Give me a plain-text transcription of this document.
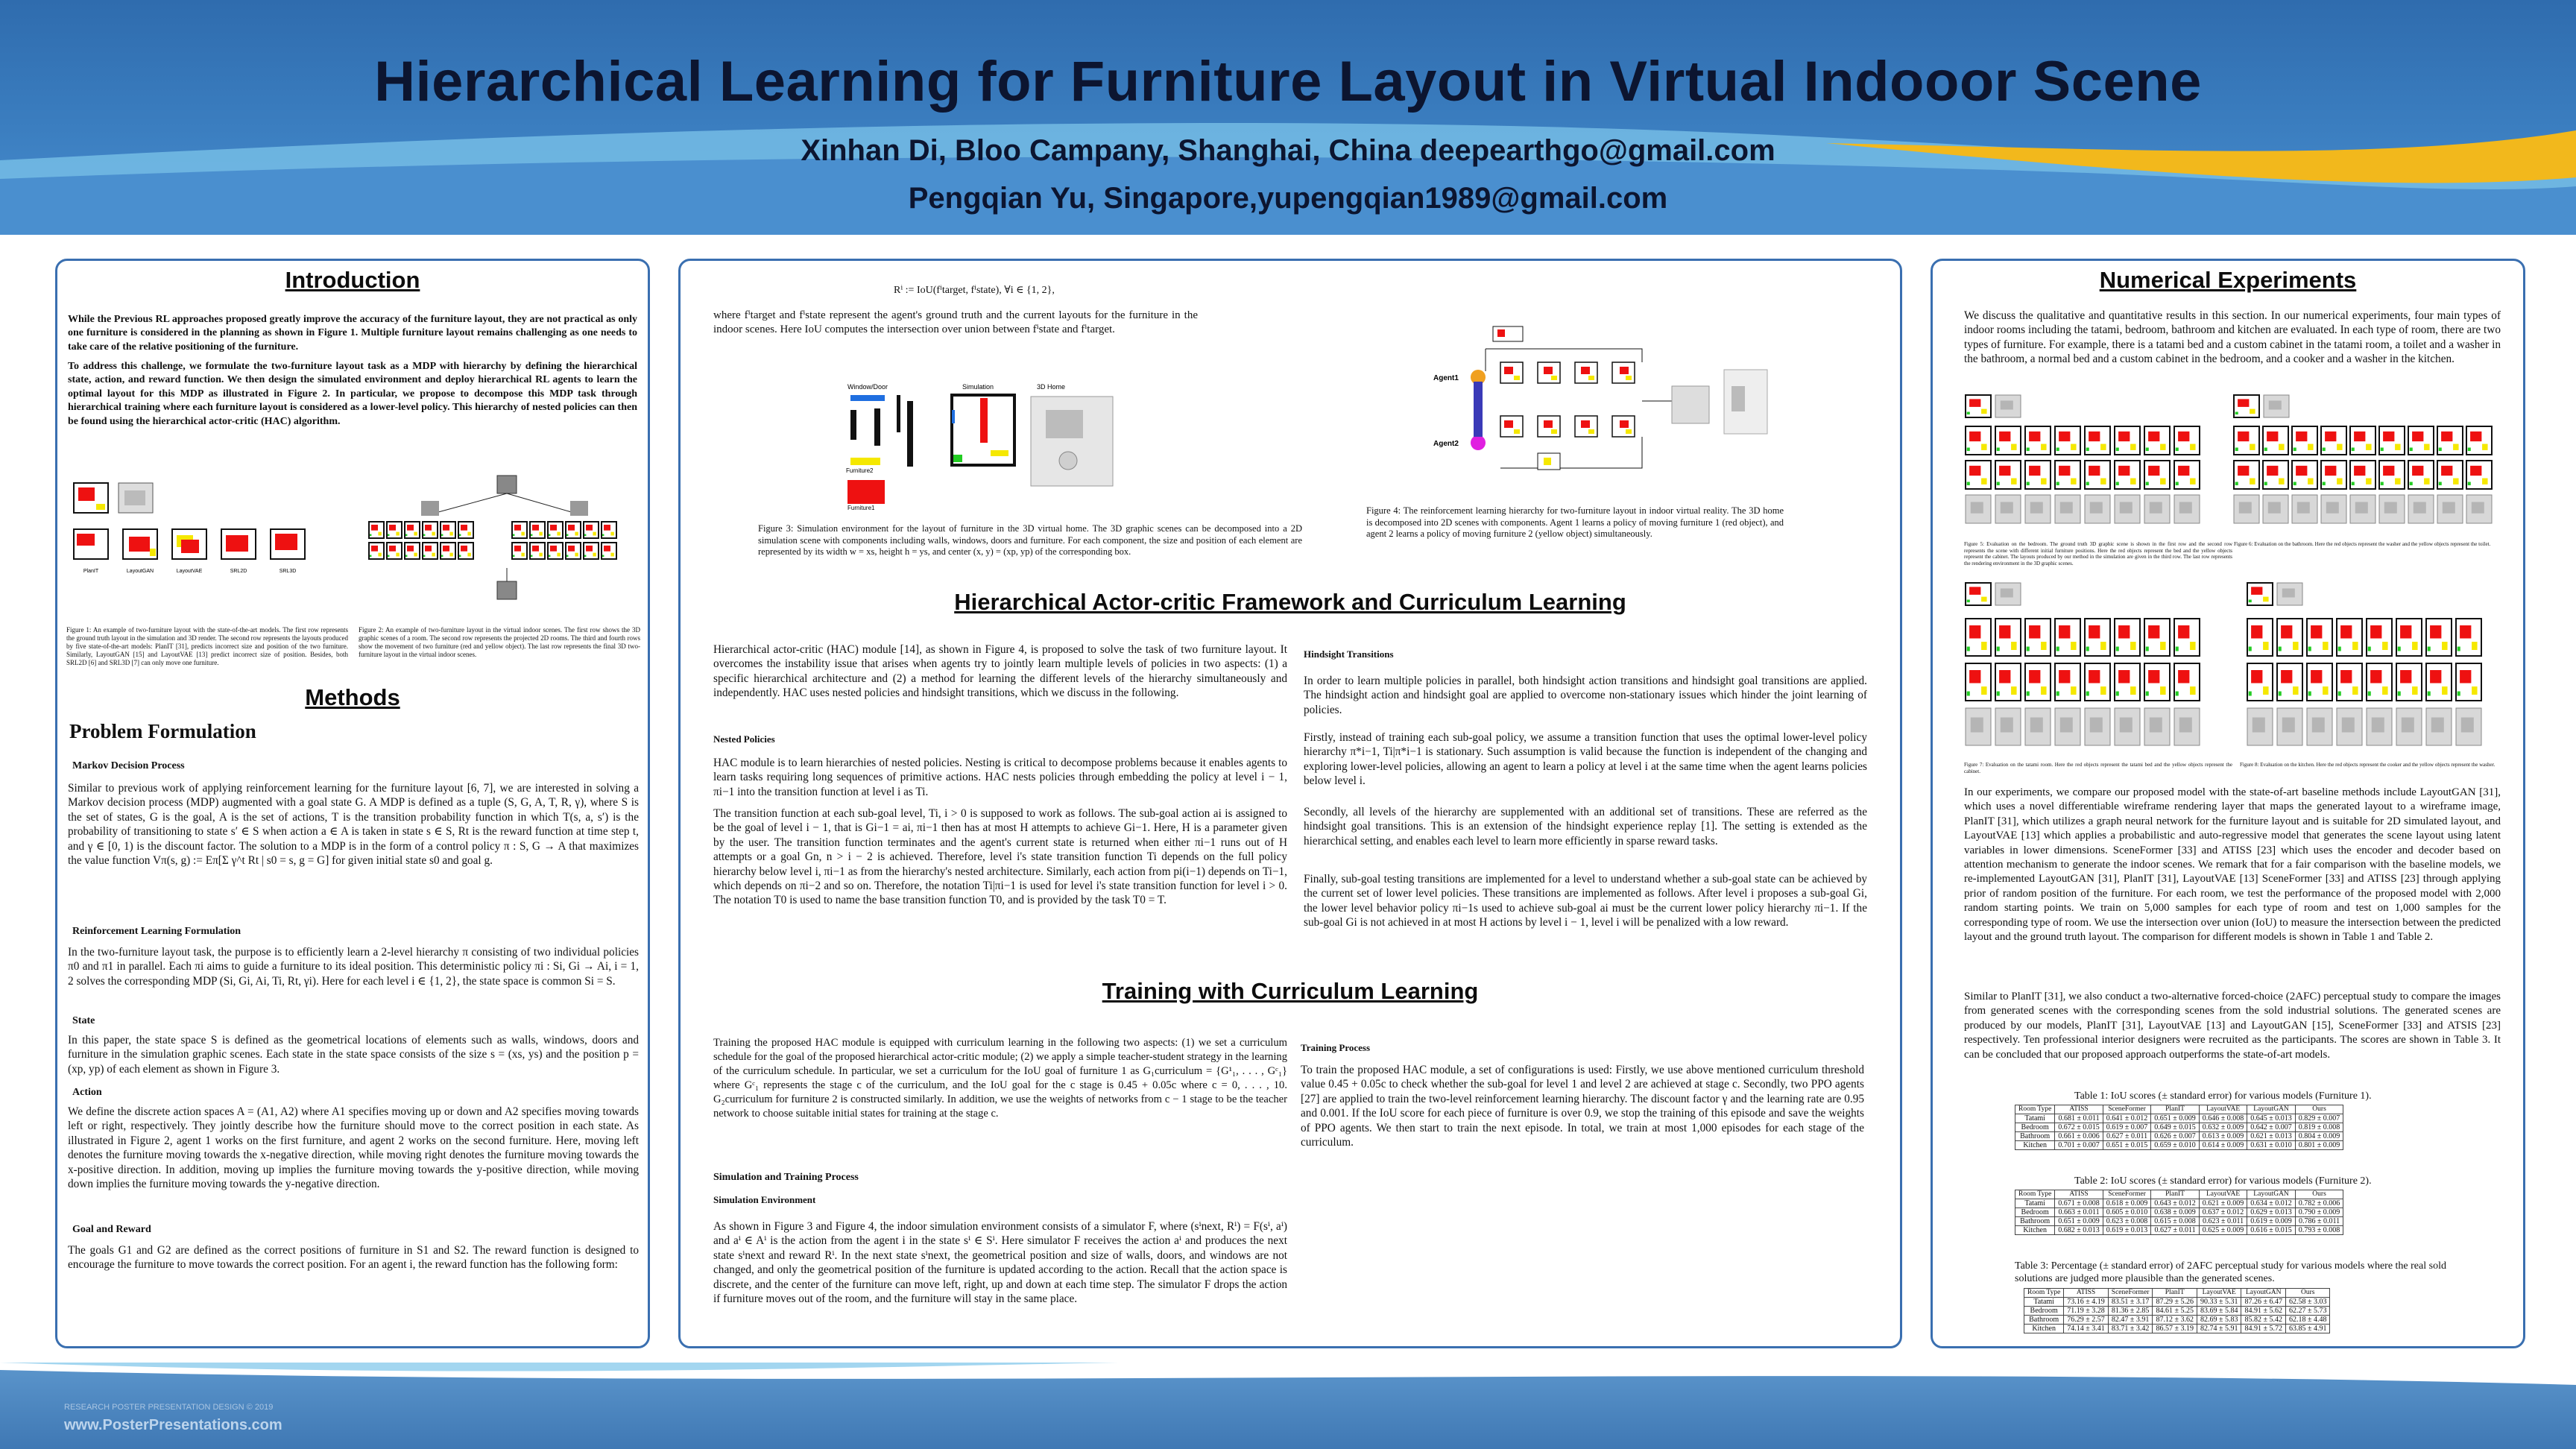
Hierarchical Learning for Furniture Layout in Virtual Indooor Scene
Xinhan Di, Bloo Campany, Shanghai, China deepearthgo@gmail.com
Pengqian Yu, Singapore,yupengqian1989@gmail.com
Introduction
While the Previous RL approaches proposed greatly improve the accuracy of the furniture layout, they are not practical as only one furniture is considered in the planning as shown in Figure 1. Multiple furniture layout remains challenging as one needs to take care of the relative positioning of the furniture.
To address this challenge, we formulate the two-furniture layout task as a MDP with hierarchy by defining the hierarchical state, action, and reward function. We then design the simulated environment and deploy hierarchical RL agents to learn the optimal layout for this MDP as illustrated in Figure 2. In particular, we propose to decompose this MDP task through hierarchical training where each furniture layout is considered as a lower-level policy. This hierarchy of nested policies can then be found using the hierarchical actor-critic (HAC) algorithm.
PlanIT	LayoutGAN	LayoutVAE	SRL2D	SRL3D
Figure 1: An example of two-furniture layout with the state-of-the-art models. The first row represents the ground truth layout in the simulation and 3D render. The second row represents the layouts produced by five state-of-the-art models: PlanIT [31], predicts incorrect size and position of the two furniture. Similarly, LayoutGAN [15] and LayoutVAE [13] predict incorrect size of position. Besides, both SRL2D [6] and SRL3D [7] can only move one furniture.
Figure 2: An example of two-furniture layout in the virtual indoor scenes. The first row shows the 3D graphic scenes of a room. The second row represents the projected 2D rooms. The third and fourth rows show the movement of two furniture (red and yellow object). The last row represents the final 3D two-furniture layout in the virtual indoor scenes.
Methods
Problem Formulation
Markov Decision Process
Similar to previous work of applying reinforcement learning for the furniture layout [6, 7], we are interested in solving a Markov decision process (MDP) augmented with a goal state G. A MDP is defined as a tuple (S, G, A, T, R, γ), where S is the set of states, G is the goal, A is the set of actions, T is the transition probability function in which T(s, a, s′) is the probability of transitioning to state s′ ∈ S when action a ∈ A is taken in state s ∈ S, Rt is the reward function at time step t, and γ ∈ [0, 1) is the discount factor. The solution to a MDP is in the form of a control policy π : S, G → A that maximizes the value function Vπ(s, g) := Eπ[Σ γ^t Rt | s0 = s, g = G] for given initial state s0 and goal g.
Reinforcement Learning Formulation
In the two-furniture layout task, the purpose is to efficiently learn a 2-level hierarchy π consisting of two individual policies π0 and π1 in parallel. Each πi aims to guide a furniture to its ideal position. This deterministic policy πi : Si, Gi → Ai, i = 1, 2 solves the corresponding MDP (Si, Gi, Ai, Ti, Rt, γi). Here for each level i ∈ {1, 2}, the state space is common Si = S.
State
In this paper, the state space S is defined as the geometrical locations of elements such as walls, windows, doors and furniture in the simulation graphic scenes. Each state in the state space consists of the size s = (xs, ys) and the position p = (xp, yp) of each element as shown in Figure 3.
Action
We define the discrete action spaces A = (A1, A2) where A1 specifies moving up or down and A2 specifies moving towards left or right, respectively. They jointly describe how the furniture should move to the correct position in each state. As illustrated in Figure 2, agent 1 works on the first furniture, and agent 2 works on the second furniture. Here, moving left denotes the furniture moving towards the x-negative direction, while moving right denotes the furniture moving towards the x-positive direction. In addition, moving up implies the furniture moving towards the y-positive direction, while moving down implies the furniture moving towards the y-negative direction.
Goal and Reward
The goals G1 and G2 are defined as the correct positions of furniture in S1 and S2. The reward function is designed to encourage the furniture to move towards the correct position. For an agent i, the reward function has the following form:
Rⁱ := IoU(fⁱtarget, fⁱstate), ∀i ∈ {1, 2},
where fⁱtarget and fⁱstate represent the agent's ground truth and the current layouts for the furniture in the indoor scenes. Here IoU computes the intersection over union between fⁱstate and fⁱtarget.
Window/Door	Simulation	3D Home
Furniture2
Furniture1
Figure 3: Simulation environment for the layout of furniture in the 3D virtual home. The 3D graphic scenes can be decomposed into a 2D simulation scene with components including walls, windows, doors and furniture. For each component, the size and position of each element are represented by its width w = xs, height h = ys, and center (x, y) = (xp, yp) of the corresponding box.
Agent1
Agent2
Figure 4: The reinforcement learning hierarchy for two-furniture layout in indoor virtual reality. The 3D home is decomposed into 2D scenes with components. Agent 1 learns a policy of moving furniture 1 (red object), and agent 2 learns a policy of moving furniture 2 (yellow object) simultaneously.
Hierarchical Actor-critic Framework and Curriculum Learning
Hierarchical actor-critic (HAC) module [14], as shown in Figure 4, is proposed to solve the task of two furniture layout. It overcomes the instability issue that arises when agents try to jointly learn multiple levels of policies in two aspects: (1) a specific hierarchical architecture and (2) a method for learning the different levels of the hierarchy simultaneously and independently. HAC uses nested policies and hindsight transitions, which we discuss in the following.
Nested Policies
HAC module is to learn hierarchies of nested policies. Nesting is critical to decompose problems because it enables agents to learn tasks requiring long sequences of primitive actions. HAC nests policies through embedding the policy at level i − 1, πi−1 into the transition function at level i as Ti.
The transition function at each sub-goal level, Ti, i > 0 is supposed to work as follows. The sub-goal action ai is assigned to be the goal of level i − 1, that is Gi−1 = ai, πi−1 then has at most H attempts to achieve Gi−1. Here, H is a parameter given by the user. The transition function terminates and the agent's current state is returned when either πi−1 runs out of H attempts or a goal Gn, n > i − 2 is achieved. Therefore, level i's state transition function Ti depends on the full policy hierarchy below level i, πi−1 as from the hierarchy's nested architecture. Similarly, each action from pi(i−1) depends on Ti−1, which depends on πi−2 and so on. Therefore, the notation Ti|πi−1 is used for level i's state transition function for level i > 0. The notation T0 is used to name the base transition function T0, and is provided by the task T0 = T.
Hindsight Transitions
In order to learn multiple policies in parallel, both hindsight action transitions and hindsight goal transitions are applied. The hindsight action and hindsight goal are applied to overcome non-stationary issues which hinder the joint learning of policies.
Firstly, instead of training each sub-goal policy, we assume a transition function that uses the optimal lower-level policy hierarchy π*i−1, Ti|π*i−1 is stationary. Such assumption is valid because the function is independent of the changing and exploring lower-level policies, allowing an agent to learn a policy at level i at the same time when the agent learns policies below level i.
Secondly, all levels of the hierarchy are supplemented with an additional set of transitions. These are referred as the hindsight goal transitions. This is an extension of the hindsight experience replay [1]. The setting is extended as the hierarchical setting, and enables each level to learn more efficiently in sparse reward tasks.
Finally, sub-goal testing transitions are implemented for a level to understand whether a sub-goal state can be achieved by the current set of lower level policies. These transitions are implemented as follows. After level i proposes a sub-goal Gi, the lower level behavior policy πi−1s used to achieve sub-goal ai must be the current lower policy hierarchy πi−1. If the sub-goal Gi is not achieved in at most H actions by level i − 1, level i will be penalized with a low reward.
Training with Curriculum Learning
Training the proposed HAC module is equipped with curriculum learning in the following two aspects: (1) we set a curriculum schedule for the goal of the proposed hierarchical actor-critic module; (2) we apply a simple teacher-student strategy in the learning of the curriculum schedule. In particular, we set a curriculum for the IoU goal of furniture 1 as G₁curriculum = {G¹₁, . . . , Gᶜ₁} where Gᶜ₁ represents the stage c of the curriculum, and the IoU goal for the c stage is 0.45 + 0.05c where c = 0, . . . , 10. G₂curriculum for furniture 2 is constructed similarly. In addition, we use the weights of networks from c − 1 stage to be the teacher network to choose suitable initial states for training at the stage c.
Simulation and Training Process
Simulation Environment
As shown in Figure 3 and Figure 4, the indoor simulation environment consists of a simulator F, where (sⁱnext, Rⁱ) = F(sⁱ, aⁱ) and aⁱ ∈ Aⁱ is the action from the agent i in the state sⁱ ∈ Sⁱ. Here simulator F receives the action aⁱ and produces the next state sⁱnext and reward Rⁱ. In the next state sⁱnext, the geometrical position and size of walls, doors, and windows are not changed, and only the geometrical position of the furniture is updated according to the action. Recall that the action space is discrete, and the center of the furniture can move left, right, up and down at each time step. The simulator F drops the action if furniture moves out of the room, and the furniture will stay in the same place.
Training Process
To train the proposed HAC module, a set of configurations is used: Firstly, we use above mentioned curriculum threshold value 0.45 + 0.05c to check whether the sub-goal for level 1 and level 2 are achieved at stage c. Secondly, two PPO agents [27] are applied to train the two-level reinforcement learning hierarchy. The discount factor γ and the learning rate are 0.95 and 0.001. If the IoU score for each piece of furniture is over 0.9, we stop the training of this episode and save the weights of PPO agents. We then start to train the next episode. In total, we train at most 1,000 episodes for each stage of the curriculum.
Numerical Experiments
We discuss the qualitative and quantitative results in this section. In our numerical experiments, four main types of indoor rooms including the tatami, bedroom, bathroom and kitchen are evaluated. In each type of room, there are two types of furniture. For example, there is a tatami bed and a custom cabinet in the tatami room, a toilet and a washer in the bathroom, a normal bed and a custom cabinet in the bedroom, and a cooker and a washer in the kitchen.
Figure 5: Evaluation on the bedroom. The ground truth 3D graphic scene is shown in the first row and the second row represents the scene with different initial furniture positions. Here the red objects represent the bed and the yellow objects represent the cabinet. The layouts produced by our method in the simulation are given in the third row. The last row represents the rendering environment in the 3D graphic scenes.
Figure 6: Evaluation on the bathroom. Here the red objects represent the washer and the yellow objects represent the toilet.
Figure 7: Evaluation on the tatami room. Here the red objects represent the tatami bed and the yellow objects represent the cabinet.
Figure 8: Evaluation on the kitchen. Here the red objects represent the cooker and the yellow objects represent the washer.
In our experiments, we compare our proposed model with the state-of-art baseline methods include LayoutGAN [31], which uses a novel differentiable wireframe rendering layer that maps the generated layout to a wireframe image, PlanIT [31], which utilizes a graph neural network for the furniture layout and is suitable for 2D simulated layout, and LayoutVAE [13] which applies a probabilistic and auto-regressive model that generates the scene layout using latent variables in lower dimensions. SceneFormer [33] and ATISS [23] which uses the encoder and decoder based on attention mechanism to generate the indoor scenes. We remark that for a fair comparison with the baseline models, we re-implemented LayoutGAN [31], PlanIT [31], LayoutVAE [13] SceneFormer [33] and ATISS [23] through applying prior of random position of the furniture. For each room, we test the performance of the proposed model with 2,000 random starting points. We train on 5,000 samples for each type of room and test on 1,000 samples for the corresponding type of room. We use the intersection over union (IoU) to measure the intersection between the predicted layout and the ground truth layout. The comparison for different models is shown in Table 1 and Table 2.
Similar to PlanIT [31], we also conduct a two-alternative forced-choice (2AFC) perceptual study to compare the images from generated scenes with the corresponding scenes from the sold industrial solutions. The generated scenes are produced by our models, PlanIT [31], LayoutVAE [13] and LayoutGAN [15], SceneFormer [33] and ATSIS [23] respectively. Ten professional interior designers were recruited as the participants. The scores are shown in Table 3. It can be concluded that our proposed approach outperforms the state-of-art models.
Table 1: IoU scores (± standard error) for various models (Furniture 1).
Room Type	ATISS	SceneFormer	PlanIT	LayoutVAE	LayoutGAN	Ours
Tatami	0.681 ± 0.011	0.641 ± 0.012	0.651 ± 0.009	0.646 ± 0.008	0.645 ± 0.013	0.829 ± 0.007
Bedroom	0.672 ± 0.015	0.619 ± 0.007	0.649 ± 0.015	0.632 ± 0.009	0.642 ± 0.007	0.819 ± 0.008
Bathroom	0.661 ± 0.006	0.627 ± 0.011	0.626 ± 0.007	0.613 ± 0.009	0.621 ± 0.013	0.804 ± 0.009
Kitchen	0.701 ± 0.007	0.651 ± 0.015	0.659 ± 0.010	0.614 ± 0.009	0.631 ± 0.010	0.801 ± 0.009
Table 2: IoU scores (± standard error) for various models (Furniture 2).
Room Type	ATISS	SceneFormer	PlanIT	LayoutVAE	LayoutGAN	Ours
Tatami	0.671 ± 0.008	0.618 ± 0.009	0.643 ± 0.012	0.621 ± 0.009	0.634 ± 0.012	0.782 ± 0.006
Bedroom	0.663 ± 0.011	0.605 ± 0.010	0.638 ± 0.009	0.637 ± 0.012	0.629 ± 0.013	0.790 ± 0.009
Bathroom	0.651 ± 0.009	0.623 ± 0.008	0.615 ± 0.008	0.623 ± 0.011	0.619 ± 0.009	0.786 ± 0.011
Kitchen	0.682 ± 0.013	0.619 ± 0.013	0.627 ± 0.011	0.625 ± 0.009	0.616 ± 0.015	0.793 ± 0.008
Table 3: Percentage (± standard error) of 2AFC perceptual study for various models where the real sold solutions are judged more plausible than the generated scenes.
Room Type	ATISS	SceneFormer	PlanIT	LayoutVAE	LayoutGAN	Ours
Tatami	73.16 ± 4.19	83.51 ± 3.17	87.29 ± 5.26	90.33 ± 5.31	87.26 ± 6.47	62.58 ± 3.03
Bedroom	71.19 ± 3.28	81.36 ± 2.85	84.61 ± 5.25	83.69 ± 5.84	84.91 ± 5.62	62.27 ± 5.73
Bathroom	76.29 ± 2.57	82.47 ± 3.91	87.12 ± 3.62	82.69 ± 5.83	85.82 ± 5.42	62.18 ± 4.48
Kitchen	74.14 ± 3.41	83.71 ± 3.42	86.57 ± 3.19	82.74 ± 5.91	84.91 ± 5.72	63.85 ± 4.91
RESEARCH POSTER PRESENTATION DESIGN © 2019
www.PosterPresentations.com
